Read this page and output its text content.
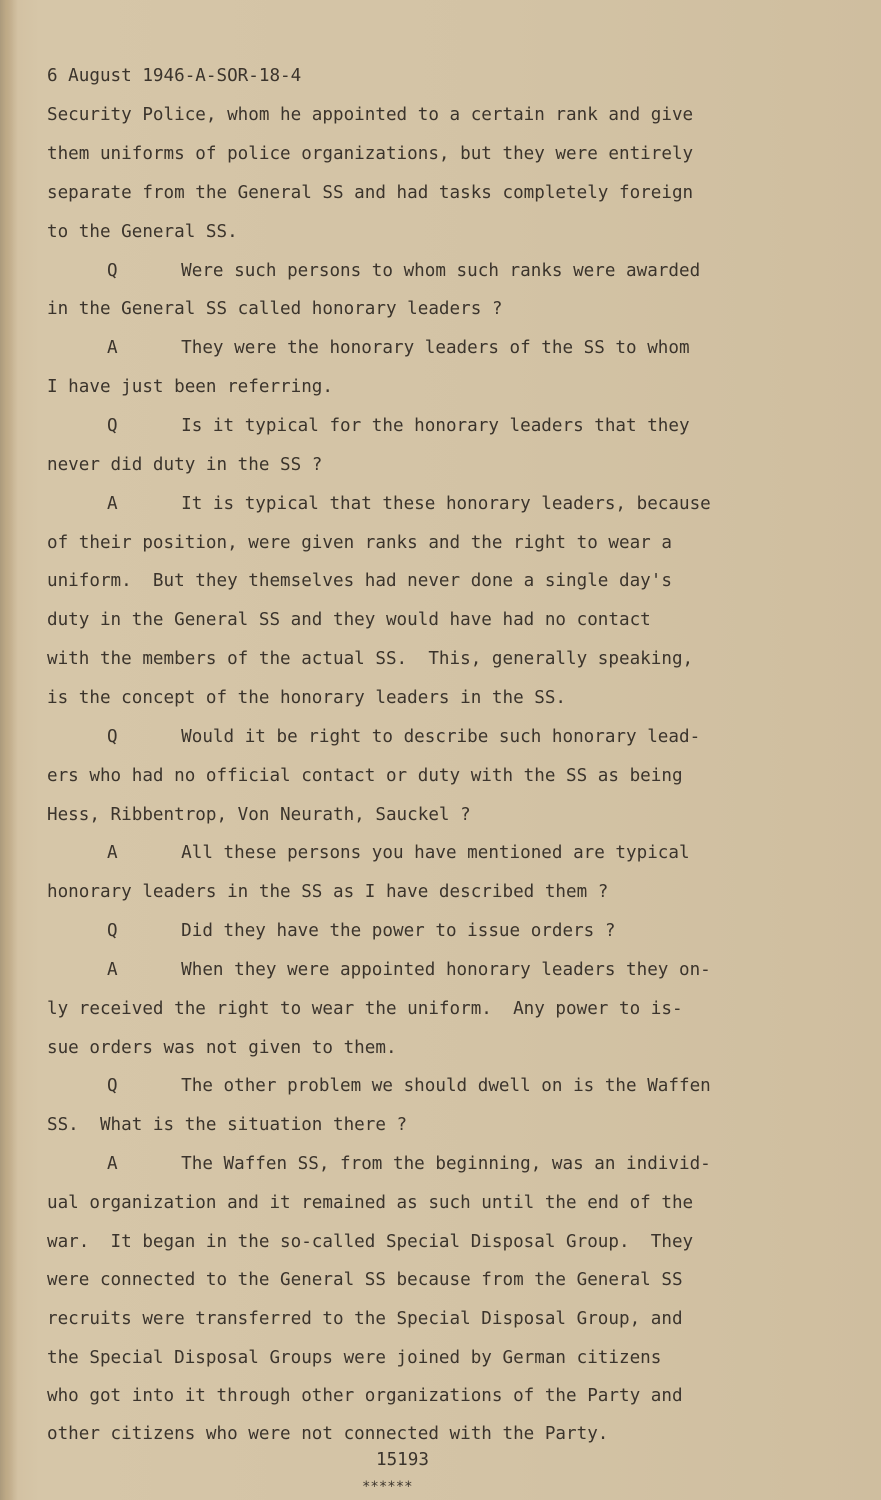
6 August 1946-A-SOR-18-4
Security Police, whom he appointed to a certain rank and give
them uniforms of police organizations, but they were entirely
separate from the General SS and had tasks completely foreign
to the General SS.
Q      Were such persons to whom such ranks were awarded
in the General SS called honorary leaders ?
A      They were the honorary leaders of the SS to whom
I have just been referring.
Q      Is it typical for the honorary leaders that they
never did duty in the SS ?
A      It is typical that these honorary leaders, because
of their position, were given ranks and the right to wear a
uniform.  But they themselves had never done a single day's
duty in the General SS and they would have had no contact
with the members of the actual SS.  This, generally speaking,
is the concept of the honorary leaders in the SS.
Q      Would it be right to describe such honorary lead-
ers who had no official contact or duty with the SS as being
Hess, Ribbentrop, Von Neurath, Sauckel ?
A      All these persons you have mentioned are typical
honorary leaders in the SS as I have described them ?
Q      Did they have the power to issue orders ?
A      When they were appointed honorary leaders they on-
ly received the right to wear the uniform.  Any power to is-
sue orders was not given to them.
Q      The other problem we should dwell on is the Waffen
SS.  What is the situation there ?
A      The Waffen SS, from the beginning, was an individ-
ual organization and it remained as such until the end of the
war.  It began in the so-called Special Disposal Group.  They
were connected to the General SS because from the General SS
recruits were transferred to the Special Disposal Group, and
the Special Disposal Groups were joined by German citizens
who got into it through other organizations of the Party and
other citizens who were not connected with the Party.
15193
******
